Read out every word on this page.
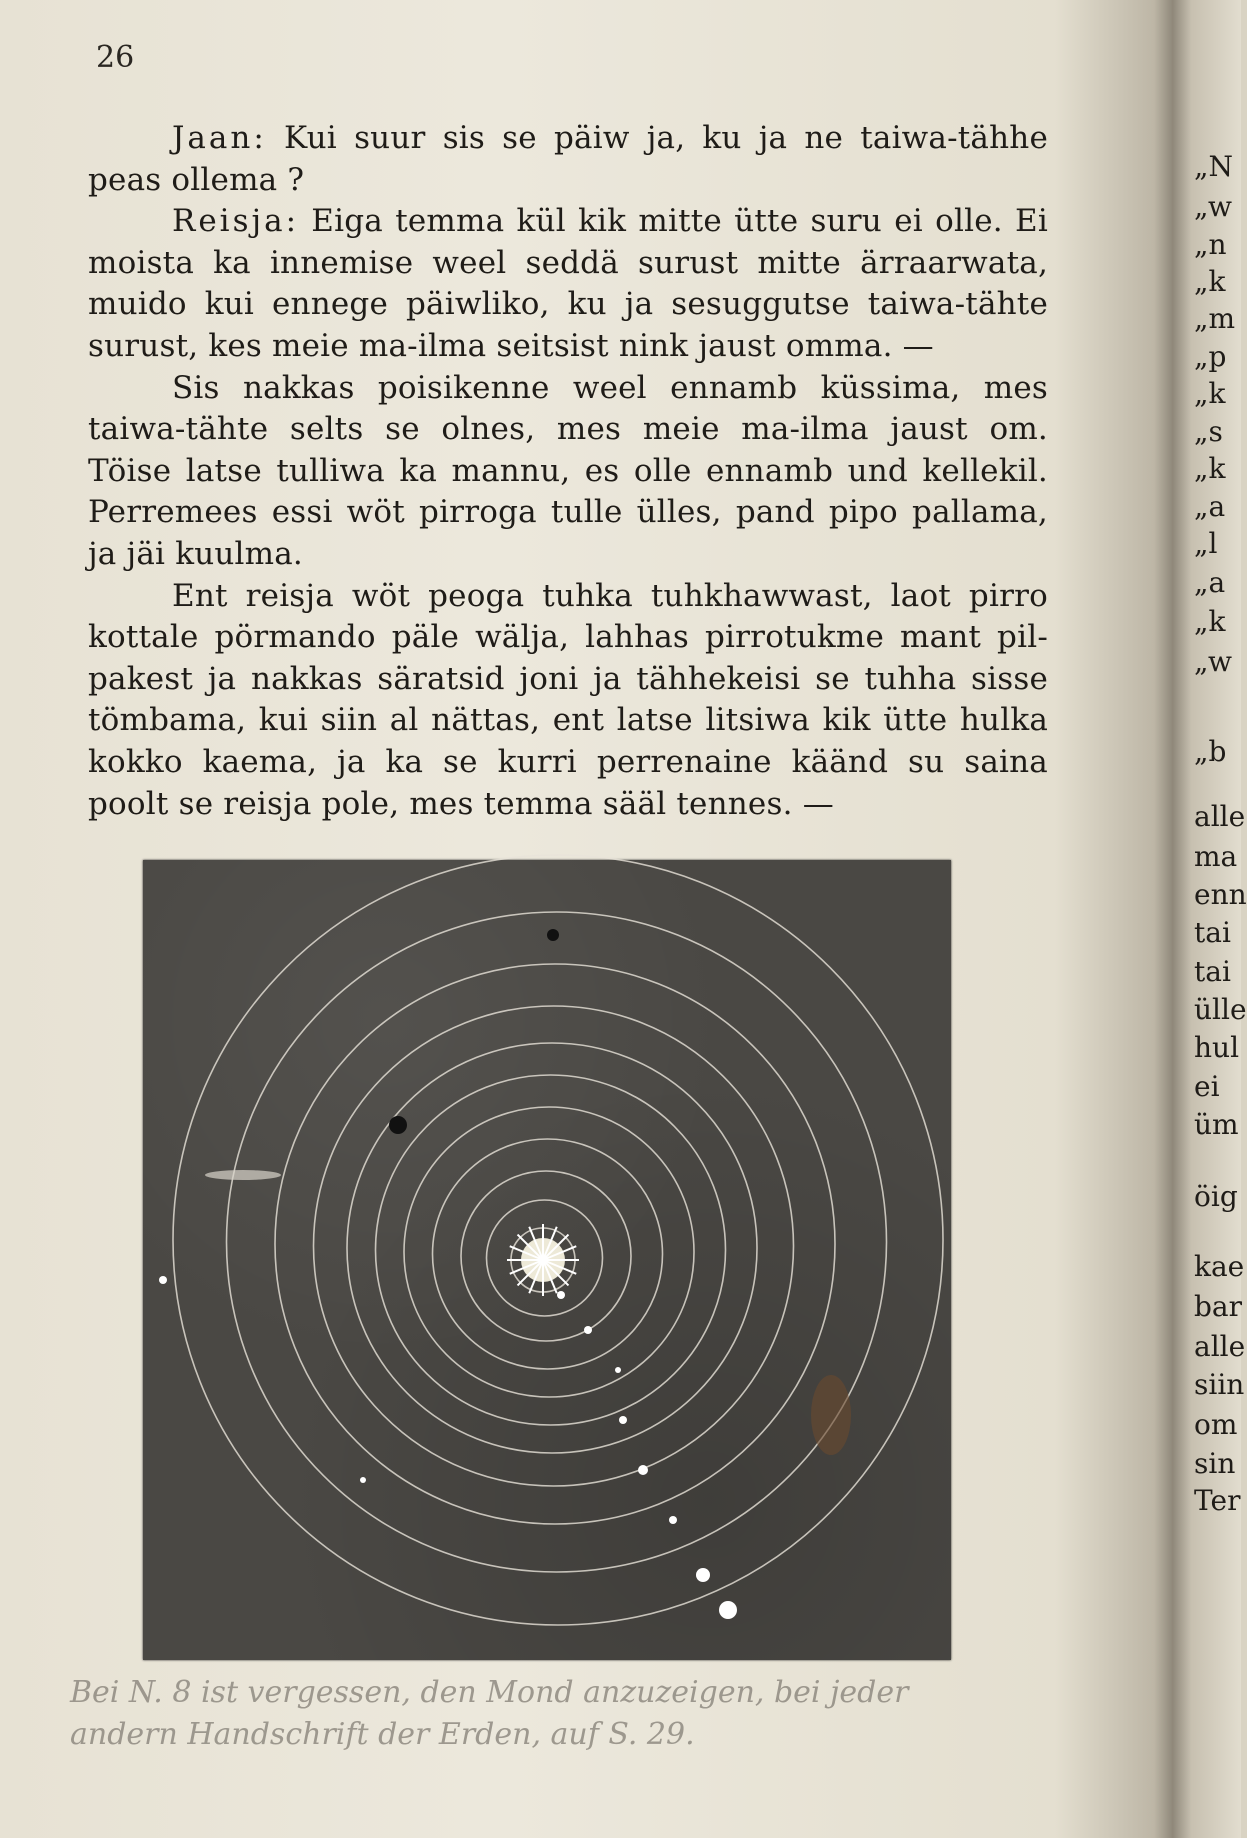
26

Jaan: Kui suur sis se päiw ja, ku ja ne taiwa-tähhe peas ollema ?

Reisja: Eiga temma kül kik mitte ütte suru ei olle. Ei moista ka innemise weel seddä surust mitte ärraarwata, muido kui ennege päiwliko, ku ja sesuggutse taiwa-tähte surust, kes meie ma-ilma seitsist nink jaust omma. —

Sis nakkas poisikenne weel ennamb küssima, mes taiwa-tähte selts se olnes, mes meie ma-ilma jaust om. Töise latse tulliwa ka mannu, es olle ennamb und kellekil. Perremees essi wöt pirroga tulle ülles, pand pipo pallama, ja jäi kuulma.

Ent reisja wöt peoga tuhka tuhkhawwast, laot pirro kottale pörmando päle wälja, lahhas pirrotukme mant pil-pakest ja nakkas säratsid joni ja tähhekeisi se tuhha sisse tömbama, kui siin al nättas, ent latse litsiwa kik ütte hulka kokko kaema, ja ka se kurri perrenaine käänd su saina poolt se reisja pole, mes temma sääl tennes. —

Bei N. 8 ist vergessen, den Mond anzuzeigen, bei jeder
andern Handschrift der Erden, auf S. 29.
„N
„w
„n
„k
„m
„p
„k
„s
„k
„a
„l
„a
„k
„w
„b
alle
ma
enn
tai
tai
ülle
hul
ei
üm
öig
kae
bar
alle
siin
om
sin
Ter
